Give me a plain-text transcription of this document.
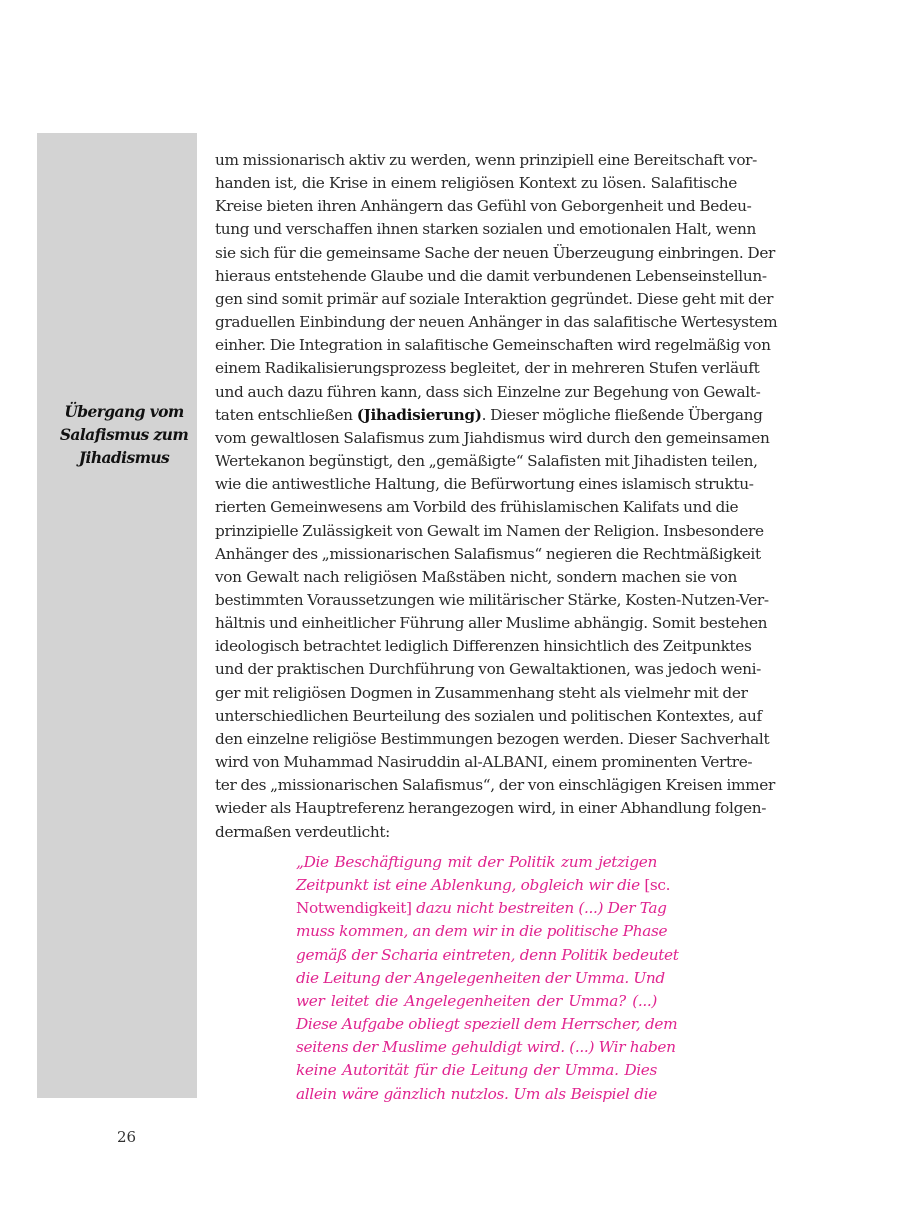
Übergang vom
Salafismus zum
Jihadismus
um missionarisch aktiv zu werden, wenn prinzipiell eine Bereitschaft vor-
handen ist, die Krise in einem religiösen Kontext zu lösen. Salafitische
Kreise bieten ihren Anhängern das Gefühl von Geborgenheit und Bedeu-
tung und verschaffen ihnen starken sozialen und emotionalen Halt, wenn
sie sich für die gemeinsame Sache der neuen Überzeugung einbringen. Der
hieraus entstehende Glaube und die damit verbundenen Lebenseinstellun-
gen sind somit primär auf soziale Interaktion gegründet. Diese geht mit der
graduellen Einbindung der neuen Anhänger in das salafitische Wertesystem
einher. Die Integration in salafitische Gemeinschaften wird regelmäßig von
einem Radikalisierungsprozess begleitet, der in mehreren Stufen verläuft
und auch dazu führen kann, dass sich Einzelne zur Begehung von Gewalt-
taten entschließen (Jihadisierung). Dieser mögliche fließende Übergang
vom gewaltlosen Salafismus zum Jiahdismus wird durch den gemeinsamen
Wertekanon begünstigt, den „gemäßigte“ Salafisten mit Jihadisten teilen,
wie die antiwestliche Haltung, die Befürwortung eines islamisch struktu-
rierten Gemeinwesens am Vorbild des frühislamischen Kalifats und die
prinzipielle Zulässigkeit von Gewalt im Namen der Religion. Insbesondere
Anhänger des „missionarischen Salafismus“ negieren die Rechtmäßigkeit
von Gewalt nach religiösen Maßstäben nicht, sondern machen sie von
bestimmten Voraussetzungen wie militärischer Stärke, Kosten-Nutzen-Ver-
hältnis und einheitlicher Führung aller Muslime abhängig. Somit bestehen
ideologisch betrachtet lediglich Differenzen hinsichtlich des Zeitpunktes
und der praktischen Durchführung von Gewaltaktionen, was jedoch weni-
ger mit religiösen Dogmen in Zusammenhang steht als vielmehr mit der
unterschiedlichen Beurteilung des sozialen und politischen Kontextes, auf
den einzelne religiöse Bestimmungen bezogen werden. Dieser Sachverhalt
wird von Muhammad Nasiruddin al-ALBANI, einem prominenten Vertre-
ter des „missionarischen Salafismus“, der von einschlägigen Kreisen immer
wieder als Hauptreferenz herangezogen wird, in einer Abhandlung folgen-
dermaßen verdeutlicht:
„Die Beschäftigung mit der Politik zum jetzigen
Zeitpunkt ist eine Ablenkung, obgleich wir die [sc.
Notwendigkeit] dazu nicht bestreiten (...) Der Tag
muss kommen, an dem wir in die politische Phase
gemäß der Scharia eintreten, denn Politik bedeutet
die Leitung der Angelegenheiten der Umma. Und
wer leitet die Angelegenheiten der Umma? (...)
Diese Aufgabe obliegt speziell dem Herrscher, dem
seitens der Muslime gehuldigt wird. (...) Wir haben
keine Autorität für die Leitung der Umma. Dies
allein wäre gänzlich nutzlos. Um als Beispiel die
26
